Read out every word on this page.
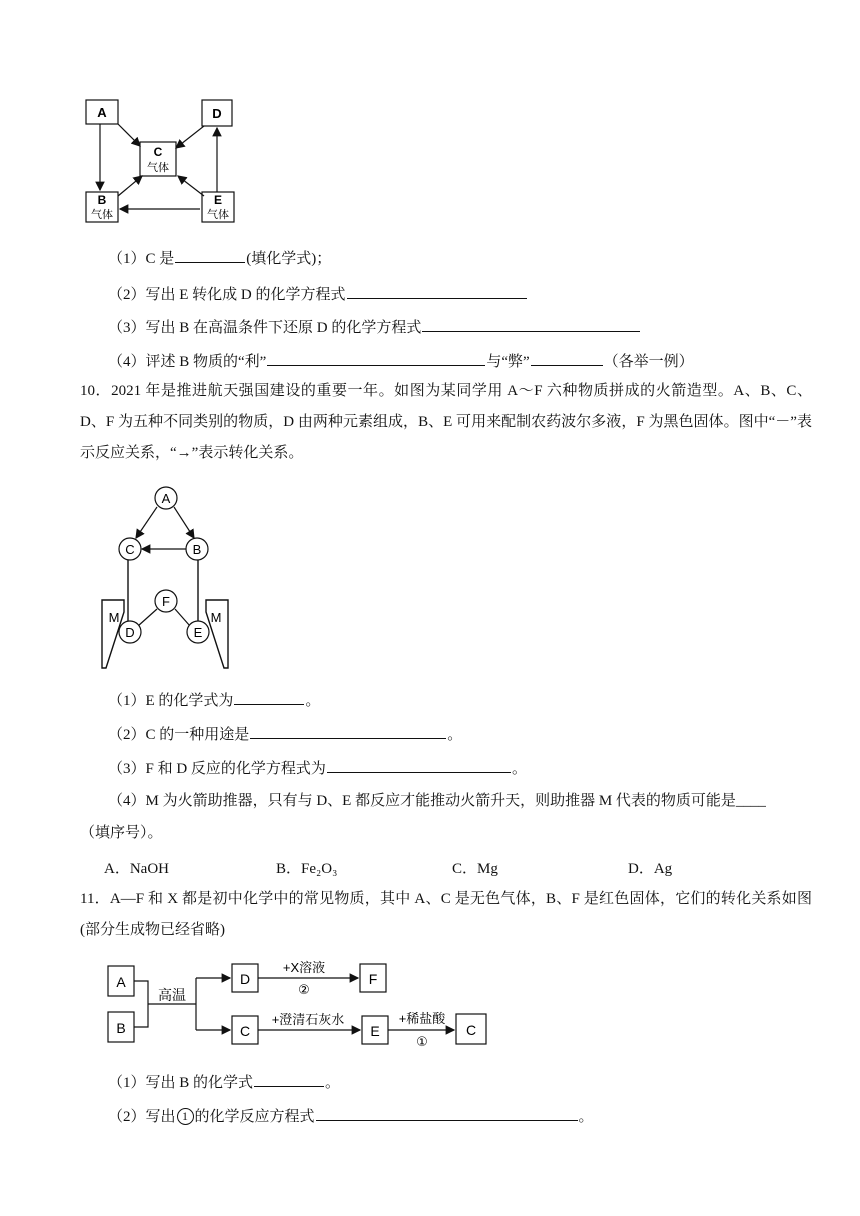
A	D
C
气体
B
气体
E
气体
（1）C 是	(填化学式)；
（2）写出 E 转化成 D 的化学方程式
（3）写出 B 在高温条件下还原 D 的化学方程式
（4）评述 B 物质的“利”	与“弊”	（各举一例）
10．2021 年是推进航天强国建设的重要一年。如图为某同学用 A～F 六种物质拼成的火箭造型。A、B、C、D、F 为五种不同类别的物质，D 由两种元素组成，B、E 可用来配制农药波尔多液，F 为黑色固体。图中“－”表示反应关系，“→”表示转化关系。
A
C	B
F
D	E
M	M
（1）E 的化学式为	。
（2）C 的一种用途是	。
（3）F 和 D 反应的化学方程式为	。
（4）M 为火箭助推器，只有与 D、E 都反应才能推动火箭升天，则助推器 M 代表的物质可能是____
（填序号）。
A．NaOH	B．Fe₂O₃	C．Mg	D．Ag
11．A—F 和 X 都是初中化学中的常见物质，其中 A、C 是无色气体，B、F 是红色固体，它们的转化关系如图(部分生成物已经省略)
A
B
高温
D
C
+X溶液
②
F
+澄清石灰水
E
+稀盐酸
①
C
（1）写出 B 的化学式	。
（2）写出 1 的化学反应方程式	。
